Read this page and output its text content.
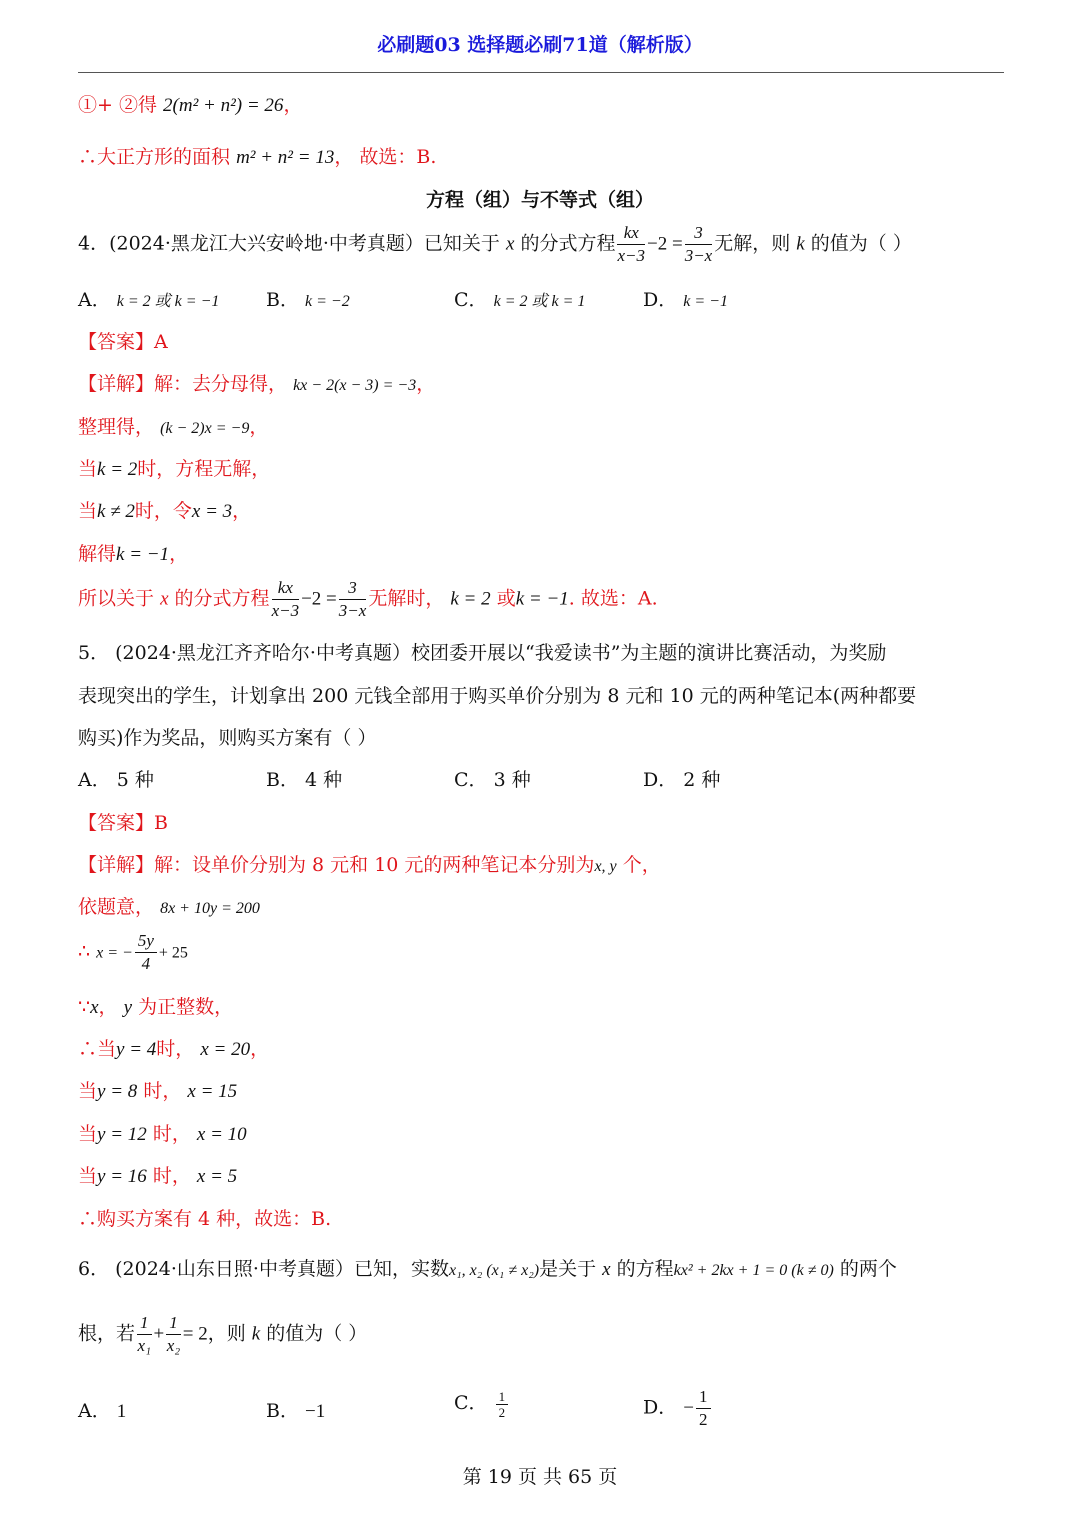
必刷题03 选择题必刷71道（解析版）
①+ ②得 2(m² + n²) = 26，
∴大正方形的面积 m² + n² = 13， 故选：B.
方程（组）与不等式（组）
4．(2024·黑龙江大兴安岭地·中考真题）已知关于 x 的分式方程 $\frac{kx}{x-3} -2 = \frac{3}{3-x}$ 无解，则 k 的值为（ ）
A． k = 2 或 k = −1 B． k = −2	C． k = 2 或 k = 1	D． k = −1
【答案】A
【详解】解：去分母得， kx − 2(x − 3) = −3，
整理得， (k − 2)x = −9，
当k = 2时，方程无解，
当k ≠ 2时，令x = 3，
解得k = −1，
所以关于 x 的分式方程 $\frac{kx}{x-3} -2 = \frac{3}{3-x}$ 无解时， k = 2 或k = −1. 故选：A.
5． (2024·黑龙江齐齐哈尔·中考真题）校团委开展以“我爱读书”为主题的演讲比赛活动，为奖励
表现突出的学生，计划拿出 200 元钱全部用于购买单价分别为 8 元和 10 元的两种笔记本(两种都要
购买)作为奖品，则购买方案有（ ）
A． 5 种	B． 4 种	C． 3 种	D． 2 种
【答案】B
【详解】解：设单价分别为 8 元和 10 元的两种笔记本分别为x, y 个，
依题意， 8x + 10y = 200
∴ x = − $\frac{5y}{4} + 25$
∵x， y 为正整数，
∴当y = 4时， x = 20，
当y = 8 时， x = 15
当y = 12 时， x = 10
当y = 16 时， x = 5
∴购买方案有 4 种，故选：B.
6． (2024·山东日照·中考真题）已知，实数x₁, x₂ (x₁ ≠ x₂)是关于 x 的方程kx² + 2kx + 1 = 0 (k ≠ 0) 的两个
根，若 $\frac{1}{\text{x₁}} + \frac{1}{\text{x₂}} = 2$，则 k 的值为（ ）
A． 1	B． −1	C． $\frac{1}{2}$	D． − $\frac{1}{2}$
第 19 页 共 65 页
